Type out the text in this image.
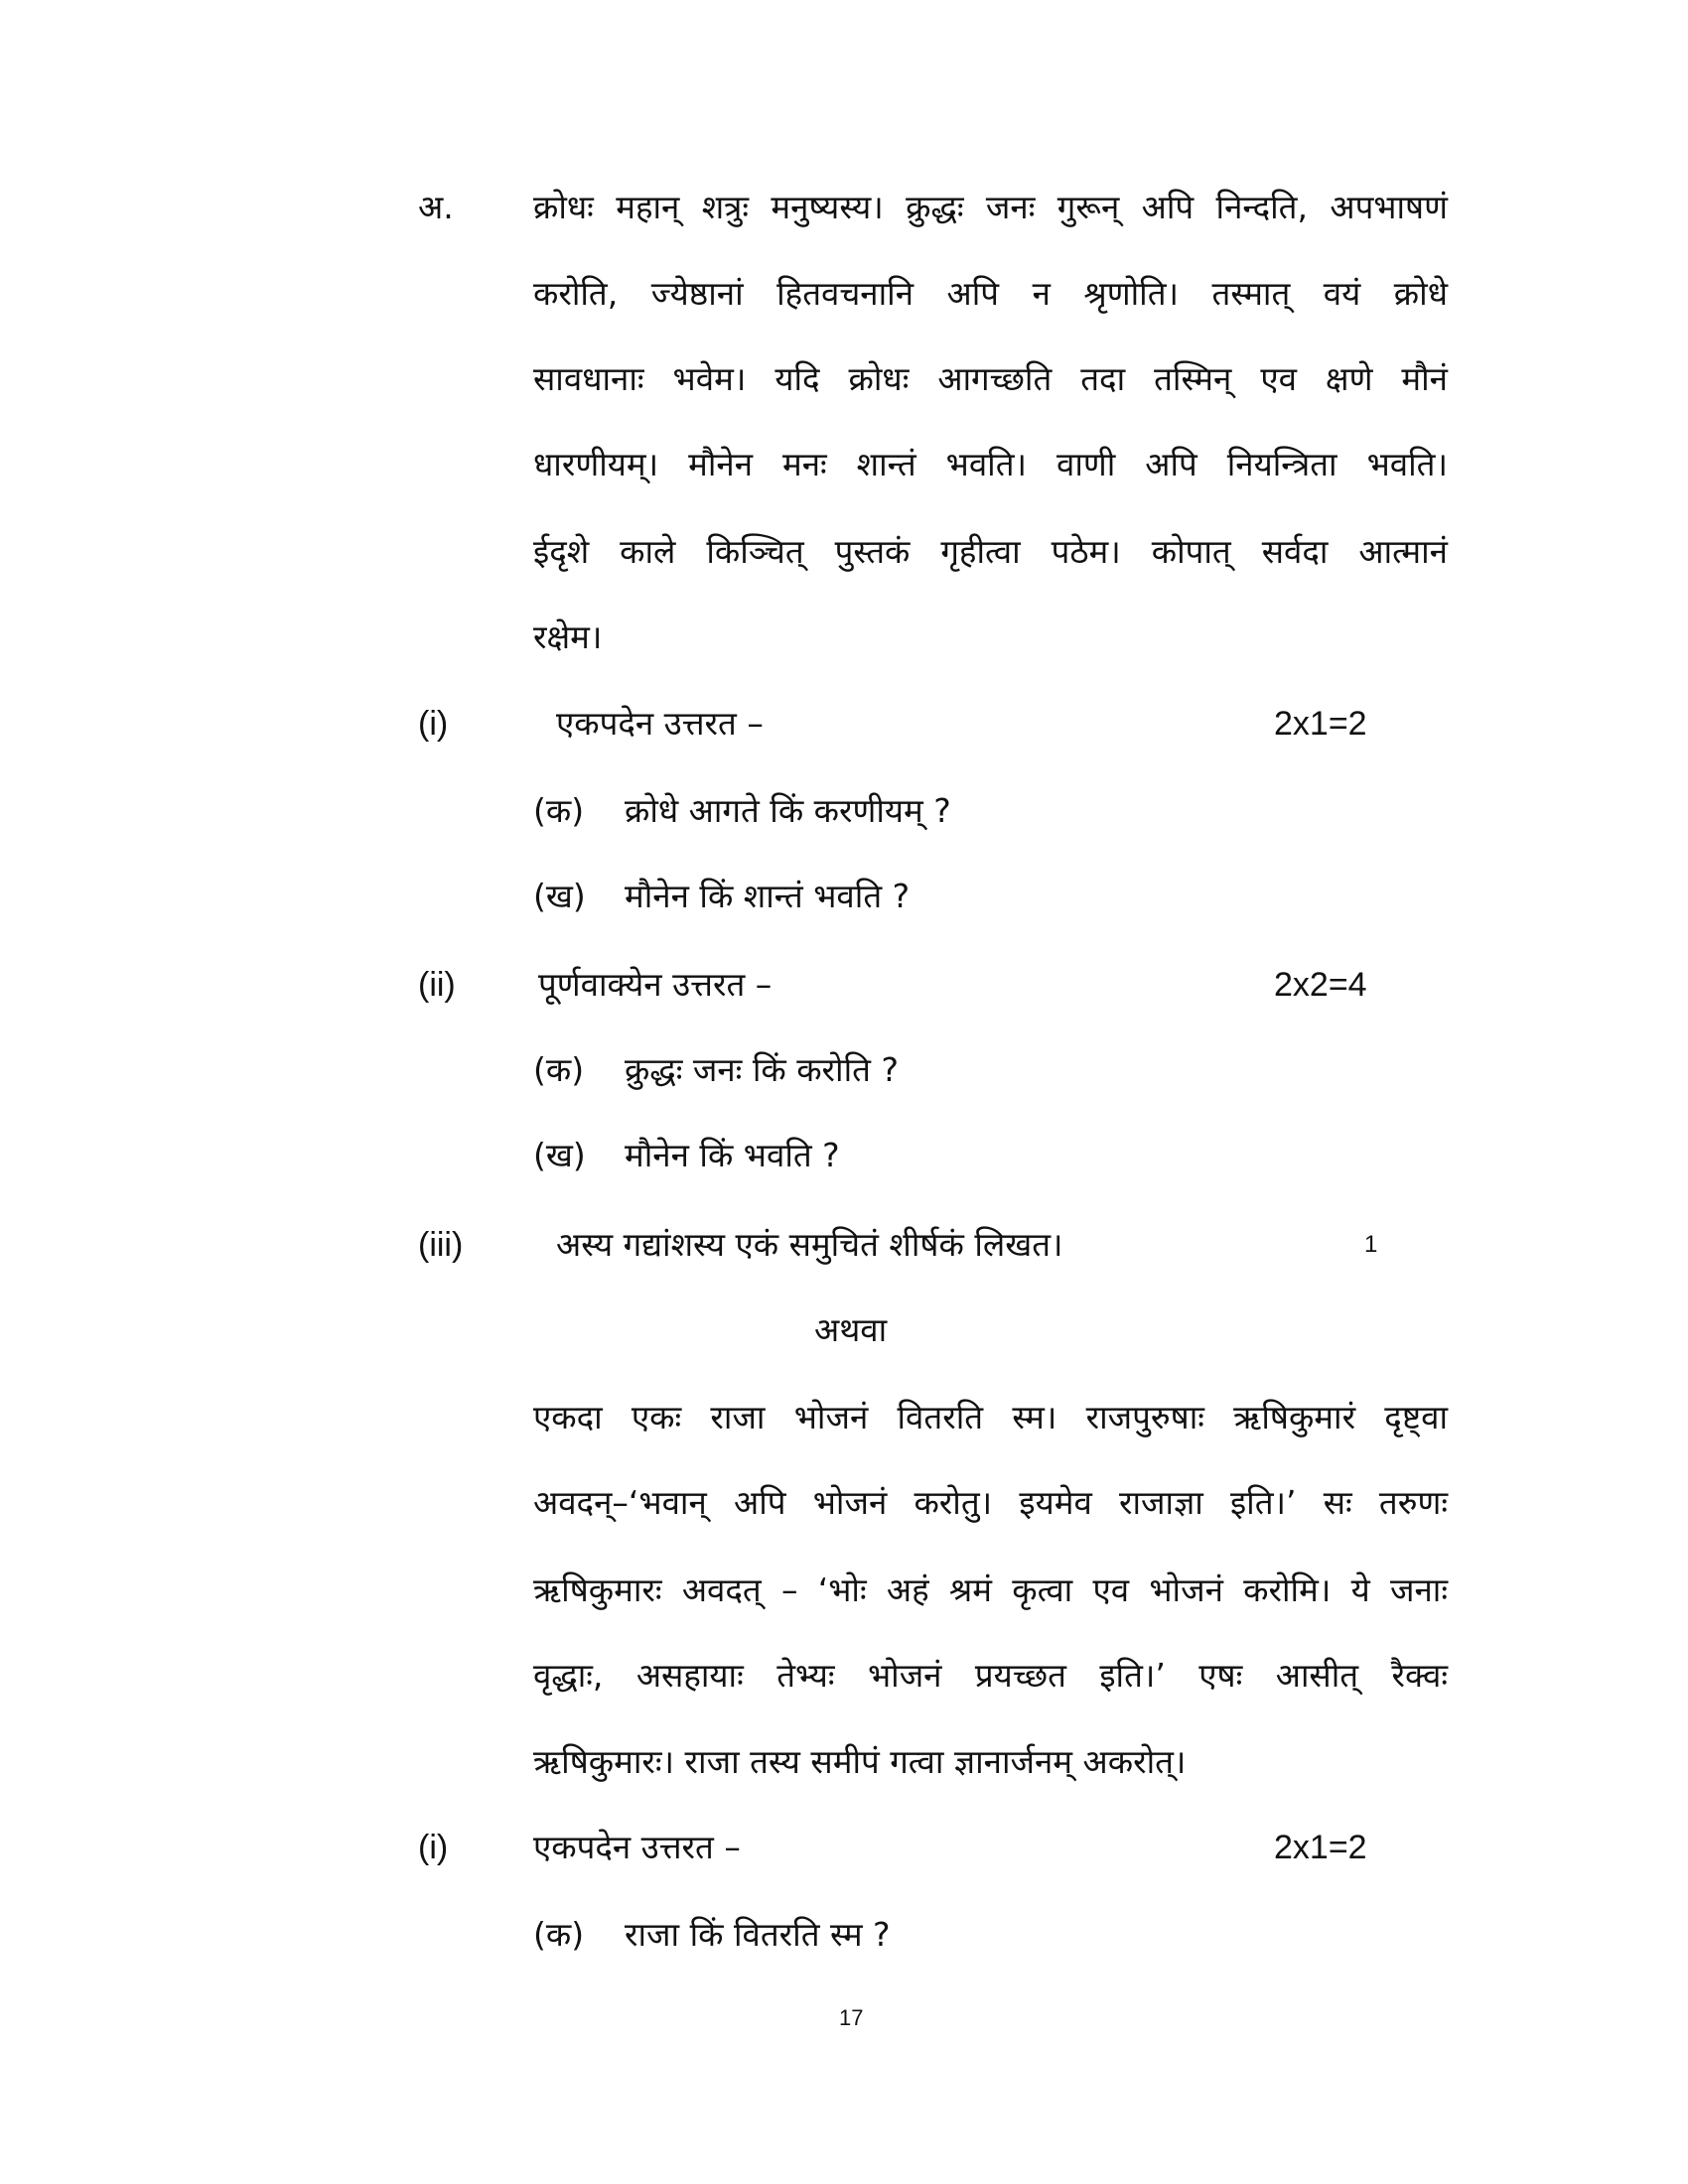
अ. क्रोधः महान् शत्रुः मनुष्यस्य। क्रुद्धः जनः गुरून् अपि निन्दति, अपभाषणं
करोति, ज्येष्ठानां हितवचनानि अपि न श्रृणोति। तस्मात् वयं क्रोधे
सावधानाः भवेम। यदि क्रोधः आगच्छति तदा तस्मिन् एव क्षणे मौनं
धारणीयम्। मौनेन मनः शान्तं भवति। वाणी अपि नियन्त्रिता भवति।
ईदृशे काले किञ्चित् पुस्तकं गृहीत्वा पठेम। कोपात् सर्वदा आत्मानं
रक्षेम।
(i)	एकपदेन उत्तरत –	2x1=2
(क) क्रोधे आगते किं करणीयम् ?
(ख) मौनेन किं शान्तं भवति ?
(ii)	पूर्णवाक्येन उत्तरत –	2x2=4
(क) क्रुद्धः जनः किं करोति ?
(ख) मौनेन किं भवति ?
(iii)	अस्य गद्यांशस्य एकं समुचितं शीर्षकं लिखत।	1
अथवा
एकदा एकः राजा भोजनं वितरति स्म। राजपुरुषाः ऋषिकुमारं दृष्ट्वा
अवदन्–‘भवान् अपि भोजनं करोतु। इयमेव राजाज्ञा इति।’ सः तरुणः
ऋषिकुमारः अवदत् – ‘भोः अहं श्रमं कृत्वा एव भोजनं करोमि। ये जनाः
वृद्धाः, असहायाः तेभ्यः भोजनं प्रयच्छत इति।’ एषः आसीत् रैक्वः
ऋषिकुमारः। राजा तस्य समीपं गत्वा ज्ञानार्जनम् अकरोत्।
(i)	एकपदेन उत्तरत –	2x1=2
(क) राजा किं वितरति स्म ?
17
